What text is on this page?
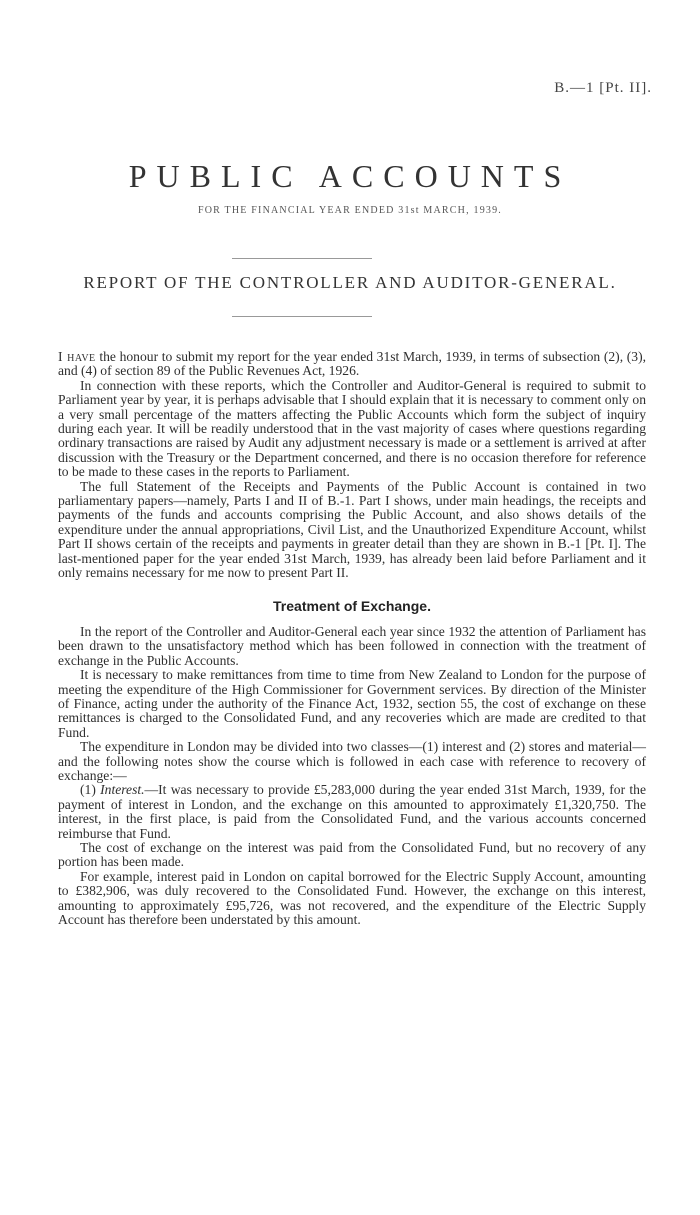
B.—1 [Pt. II].
PUBLIC ACCOUNTS
FOR THE FINANCIAL YEAR ENDED 31st MARCH, 1939.
REPORT OF THE CONTROLLER AND AUDITOR-GENERAL.

I have the honour to submit my report for the year ended 31st March, 1939, in terms of subsection (2), (3), and (4) of section 89 of the Public Revenues Act, 1926.

In connection with these reports, which the Controller and Auditor-General is required to submit to Parliament year by year, it is perhaps advisable that I should explain that it is necessary to comment only on a very small percentage of the matters affecting the Public Accounts which form the subject of inquiry during each year. It will be readily understood that in the vast majority of cases where questions regarding ordinary transactions are raised by Audit any adjustment necessary is made or a settlement is arrived at after discussion with the Treasury or the Department concerned, and there is no occasion therefore for reference to be made to these cases in the reports to Parliament.

The full Statement of the Receipts and Payments of the Public Account is contained in two parliamentary papers—namely, Parts I and II of B.-1. Part I shows, under main headings, the receipts and payments of the funds and accounts comprising the Public Account, and also shows details of the expenditure under the annual appropriations, Civil List, and the Unauthorized Expenditure Account, whilst Part II shows certain of the receipts and payments in greater detail than they are shown in B.-1 [Pt. I]. The last-mentioned paper for the year ended 31st March, 1939, has already been laid before Parliament and it only remains necessary for me now to present Part II.

Treatment of Exchange.

In the report of the Controller and Auditor-General each year since 1932 the attention of Parliament has been drawn to the unsatisfactory method which has been followed in connection with the treatment of exchange in the Public Accounts.

It is necessary to make remittances from time to time from New Zealand to London for the purpose of meeting the expenditure of the High Commissioner for Government services. By direction of the Minister of Finance, acting under the authority of the Finance Act, 1932, section 55, the cost of exchange on these remittances is charged to the Consolidated Fund, and any recoveries which are made are credited to that Fund.

The expenditure in London may be divided into two classes—(1) interest and (2) stores and material—and the following notes show the course which is followed in each case with reference to recovery of exchange:—

(1) Interest.—It was necessary to provide £5,283,000 during the year ended 31st March, 1939, for the payment of interest in London, and the exchange on this amounted to approximately £1,320,750. The interest, in the first place, is paid from the Consolidated Fund, and the various accounts concerned reimburse that Fund.

The cost of exchange on the interest was paid from the Consolidated Fund, but no recovery of any portion has been made.

For example, interest paid in London on capital borrowed for the Electric Supply Account, amounting to £382,906, was duly recovered to the Consolidated Fund. However, the exchange on this interest, amounting to approximately £95,726, was not recovered, and the expenditure of the Electric Supply Account has therefore been understated by this amount.
